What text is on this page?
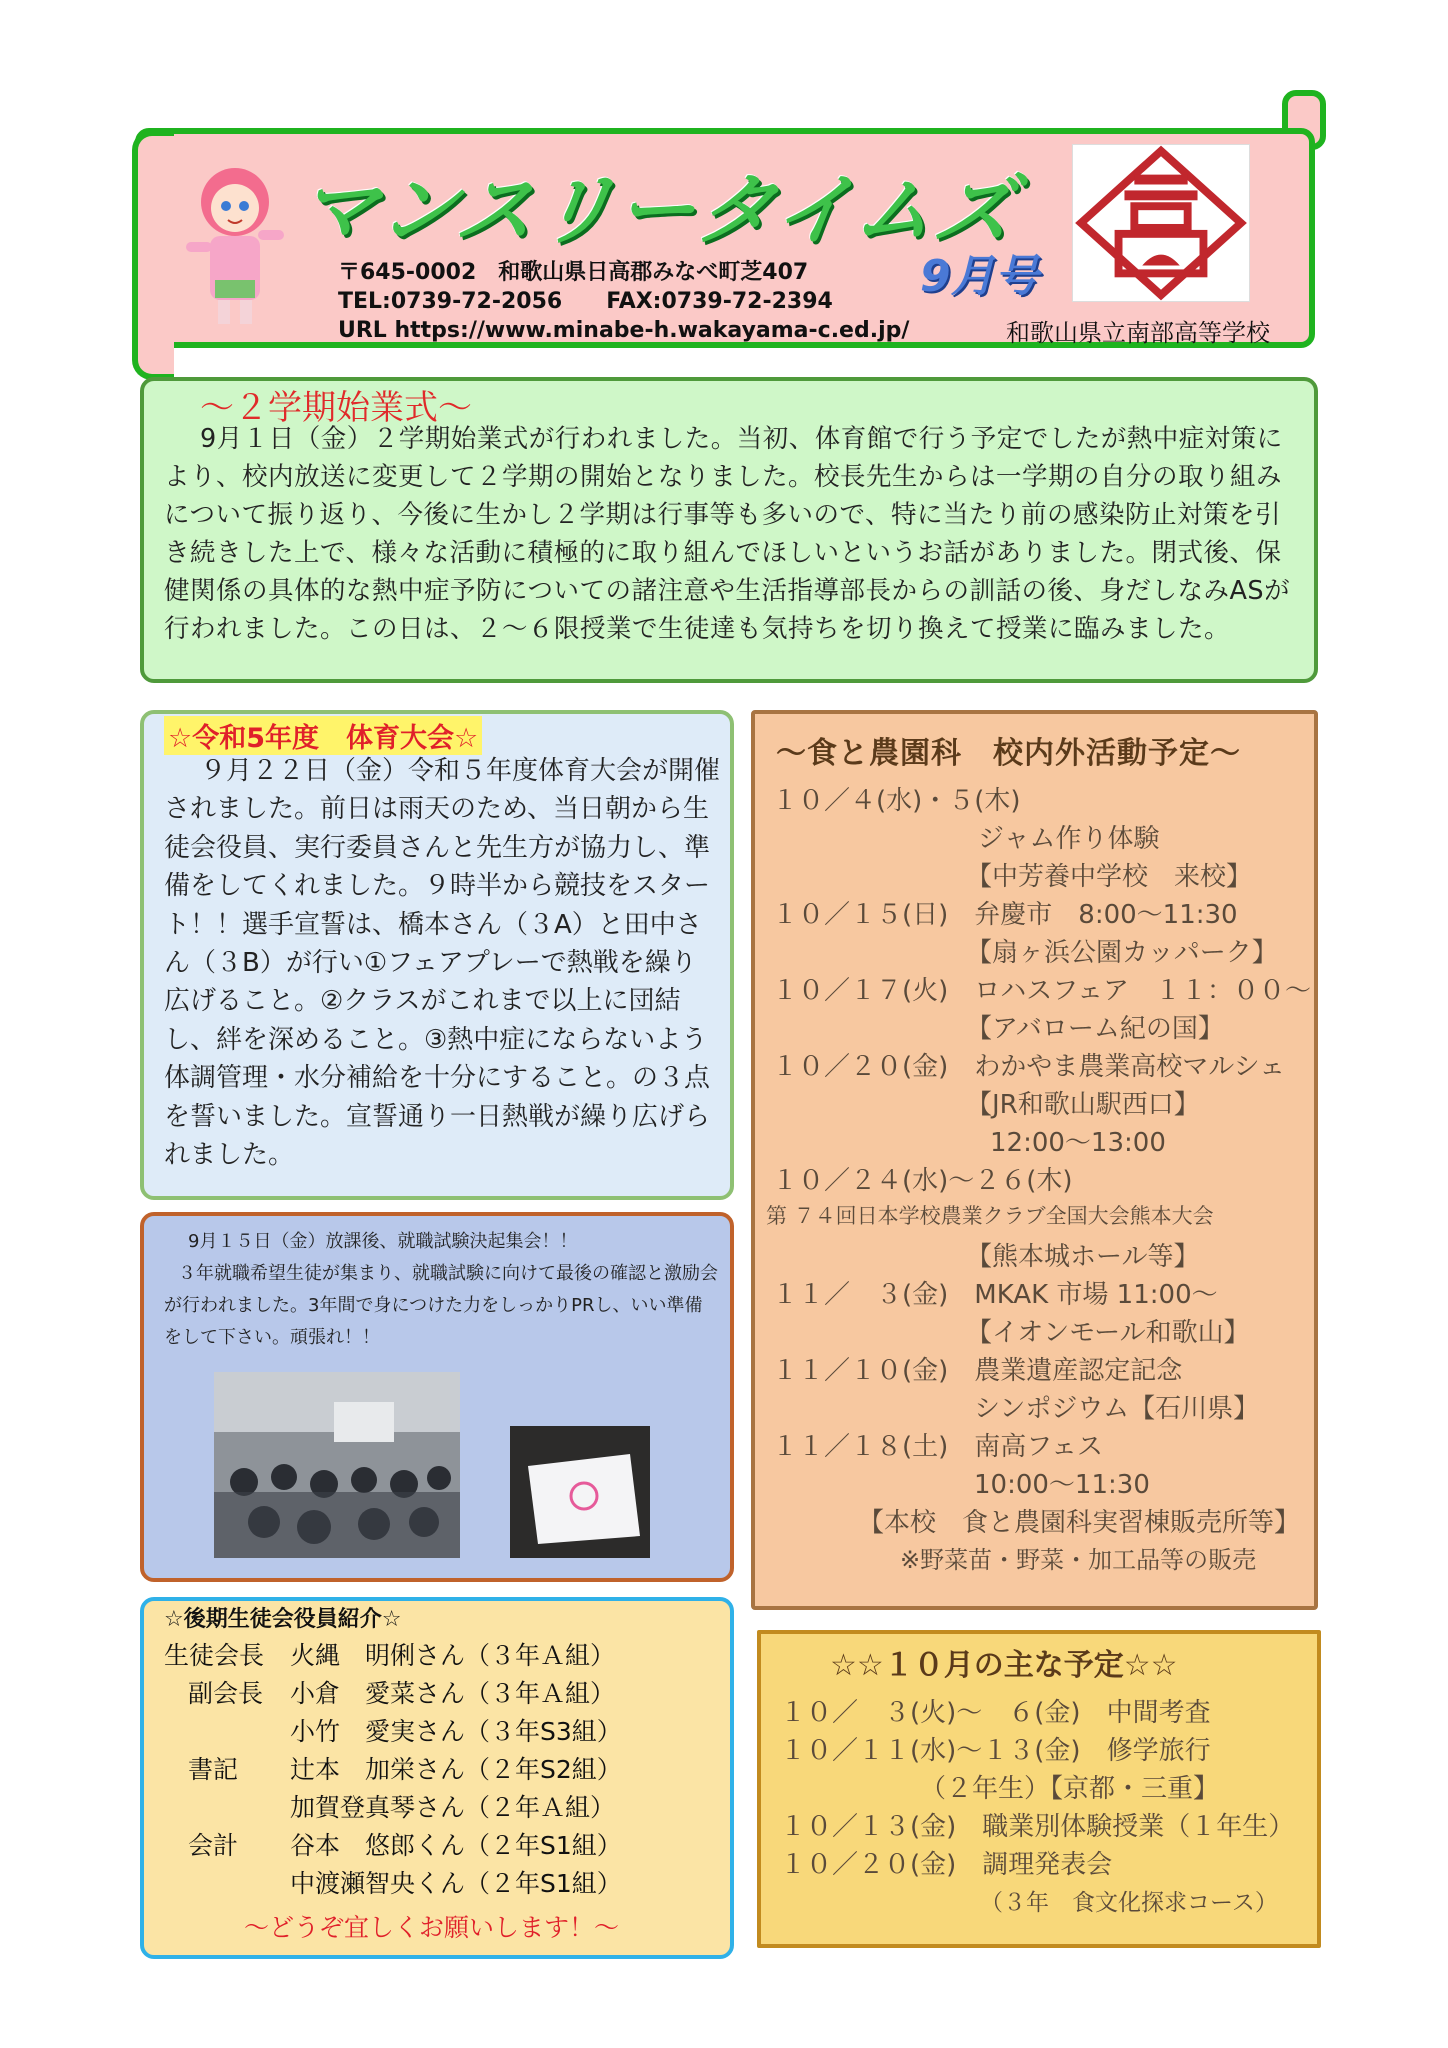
マンスリータイムズ
9月号
〒645-0002　和歌山県日高郡みなべ町芝407
TEL:0739-72-2056　　FAX:0739-72-2394
URL https://www.minabe-h.wakayama-c.ed.jp/	和歌山県立南部高等学校
～２学期始業式～
9月１日（金）２学期始業式が行われました。当初、体育館で行う予定でしたが熱中症対策により、校内放送に変更して２学期の開始となりました。校長先生からは一学期の自分の取り組みについて振り返り、今後に生かし２学期は行事等も多いので、特に当たり前の感染防止対策を引き続きした上で、様々な活動に積極的に取り組んでほしいというお話がありました。閉式後、保健関係の具体的な熱中症予防についての諸注意や生活指導部長からの訓話の後、身だしなみASが行われました。この日は、２～６限授業で生徒達も気持ちを切り換えて授業に臨みました。
☆令和5年度　体育大会☆
９月２２日（金）令和５年度体育大会が開催されました。前日は雨天のため、当日朝から生徒会役員、実行委員さんと先生方が協力し、準備をしてくれました。９時半から競技をスタート！！選手宣誓は、橋本さん（３A）と田中さん（３B）が行い①フェアプレーで熱戦を繰り広げること。②クラスがこれまで以上に団結し、絆を深めること。③熱中症にならないよう体調管理・水分補給を十分にすること。の３点を誓いました。宣誓通り一日熱戦が繰り広げられました。
9月１５日（金）放課後、就職試験決起集会！！
３年就職希望生徒が集まり、就職試験に向けて最後の確認と激励会が行われました。3年間で身につけた力をしっかりPRし、いい準備をして下さい。頑張れ！！
☆後期生徒会役員紹介☆
生徒会長	火縄　明俐さん（３年Ａ組）
副会長	小倉　愛菜さん（３年Ａ組）
小竹　愛実さん（３年S3組）
書記	辻本　加栄さん（２年S2組）
加賀登真琴さん（２年Ａ組）
会計	谷本　悠郎くん（２年S1組）
中渡瀬智央くん（２年S1組）
～どうぞ宜しくお願いします！～
～食と農園科　校内外活動予定～
１０／４(水)・５(木)
ジャム作り体験
【中芳養中学校　来校】
１０／１５(日)　弁慶市　8:00～11:30
【扇ヶ浜公園カッパーク】
１０／１７(火)　ロハスフェア　１１：００～
【アバローム紀の国】
１０／２０(金)　わかやま農業高校マルシェ
【JR和歌山駅西口】
12:00～13:00
１０／２４(水)～２６(木)
第 ７４回日本学校農業クラブ全国大会熊本大会
【熊本城ホール等】
１１／　３(金)　MKAK 市場 11:00～
【イオンモール和歌山】
１１／１０(金)　農業遺産認定記念
シンポジウム【石川県】
１１／１８(土)　南高フェス
10:00～11:30
【本校　食と農園科実習棟販売所等】
※野菜苗・野菜・加工品等の販売
☆☆１０月の主な予定☆☆
１０／　３(火)～　６(金)　中間考査
１０／１１(水)～１３(金)　修学旅行
（２年生）【京都・三重】
１０／１３(金)　職業別体験授業（１年生）
１０／２０(金)　調理発表会
（３年　食文化探求コース）
